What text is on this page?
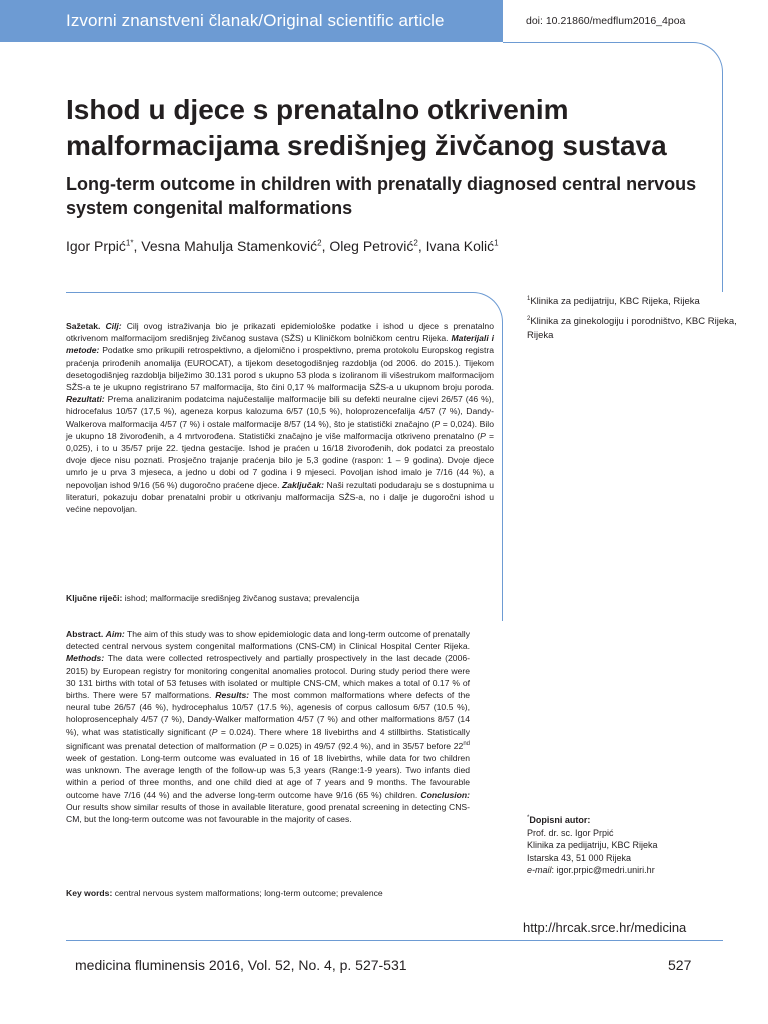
Izvorni znanstveni članak/Original scientific article	doi: 10.21860/medflum2016_4poa
Ishod u djece s prenatalno otkrivenim malformacijama središnjeg živčanog sustava
Long-term outcome in children with prenatally diagnosed central nervous system congenital malformations
Igor Prpić$^{1*}$, Vesna Mahulja Stamenković$^2$, Oleg Petrović$^2$, Ivana Kolić$^1$

$^1$Klinika za pedijatriju, KBC Rijeka, Rijeka

$^2$Klinika za ginekologiju i porodništvo, KBC Rijeka, Rijeka

Sažetak. Cilj: Cilj ovog istraživanja bio je prikazati epidemiološke podatke i ishod u djece s prenatalno otkrivenom malformacijom središnjeg živčanog sustava (SŽS) u Kliničkom bolničkom centru Rijeka. Materijali i metode: Podatke smo prikupili retrospektivno, a djelomično i prospektivno, prema protokolu Europskog registra praćenja prirođenih anomalija (EUROCAT), a tijekom desetogodišnjeg razdoblja (od 2006. do 2015.). Tijekom desetogodišnjeg razdoblja bilježimo 30.131 porod s ukupno 53 ploda s izoliranom ili višestrukom malformacijom SŽS-a te je ukupno registrirano 57 malformacija, što čini 0,17 % malformacija SŽS-a u ukupnom broju poroda. Rezultati: Prema analiziranim podatcima najučestalije malformacije bili su defekti neuralne cijevi 26/57 (46 %), hidrocefalus 10/57 (17,5 %), ageneza korpus kalozuma 6/57 (10,5 %), holoprozencefalija 4/57 (7 %), Dandy-Walkerova malformacija 4/57 (7 %) i ostale malformacije 8/57 (14 %), što je statistički značajno (P = 0,024). Bilo je ukupno 18 živorođenih, a 4 mrtvorođena. Statistički značajno je više malformacija otkriveno prenatalno (P = 0,025), i to u 35/57 prije 22. tjedna gestacije. Ishod je praćen u 16/18 živorođenih, dok podatci za preostalo dvoje djece nisu poznati. Prosječno trajanje praćenja bilo je 5,3 godine (raspon: 1 – 9 godina). Dvoje djece umrlo je u prva 3 mjeseca, a jedno u dobi od 7 godina i 9 mjeseci. Povoljan ishod imalo je 7/16 (44 %), a nepovoljan ishod 9/16 (56 %) dugoročno praćene djece. Zaključak: Naši rezultati podudaraju se s dostupnima u literaturi, pokazuju dobar prenatalni probir u otkrivanju malformacija SŽS-a, no i dalje je dugoročni ishod u većine nepovoljan.
Ključne riječi: ishod; malformacije središnjeg živčanog sustava; prevalencija
Abstract. Aim: The aim of this study was to show epidemiologic data and long-term outcome of prenatally detected central nervous system congenital malformations (CNS-CM) in Clinical Hospital Center Rijeka. Methods: The data were collected retrospectively and partially prospectively in the last decade (2006-2015) by European registry for monitoring congenital anomalies protocol. During study period there were 30 131 births with total of 53 fetuses with isolated or multiple CNS-CM, which makes a total of 0.17 % of births. There were 57 malformations. Results: The most common malformations where defects of the neural tube 26/57 (46 %), hydrocephalus 10/57 (17.5 %), agenesis of corpus callosum 6/57 (10.5 %), holoprosencephaly 4/57 (7 %), Dandy-Walker malformation 4/57 (7 %) and other malformations 8/57 (14 %), what was statistically significant (P = 0.024). There where 18 livebirths and 4 stillbirths. Statistically significant was prenatal detection of malformation (P = 0.025) in 49/57 (92.4 %), and in 35/57 before 22nd week of gestation. Long-term outcome was evaluated in 16 of 18 livebirths, while data for two children was unknown. The average length of the follow-up was 5,3 years (Range:1-9 years). Two infants died within a period of three months, and one child died at age of 7 years and 9 months. The favourable outcome have 7/16 (44 %) and the adverse long-term outcome have 9/16 (65 %) children. Conclusion: Our results show similar results of those in available literature, good prenatal screening in detecting CNS-CM, but the long-term outcome was not favourable in the majority of cases.
Key words: central nervous system malformations; long-term outcome; prevalence
*Dopisni autor:
Prof. dr. sc. Igor Prpić
Klinika za pedijatriju, KBC Rijeka
Istarska 43, 51 000 Rijeka
e-mail: igor.prpic@medri.uniri.hr
http://hrcak.srce.hr/medicina
medicina fluminensis 2016, Vol. 52, No. 4, p. 527-531	527
